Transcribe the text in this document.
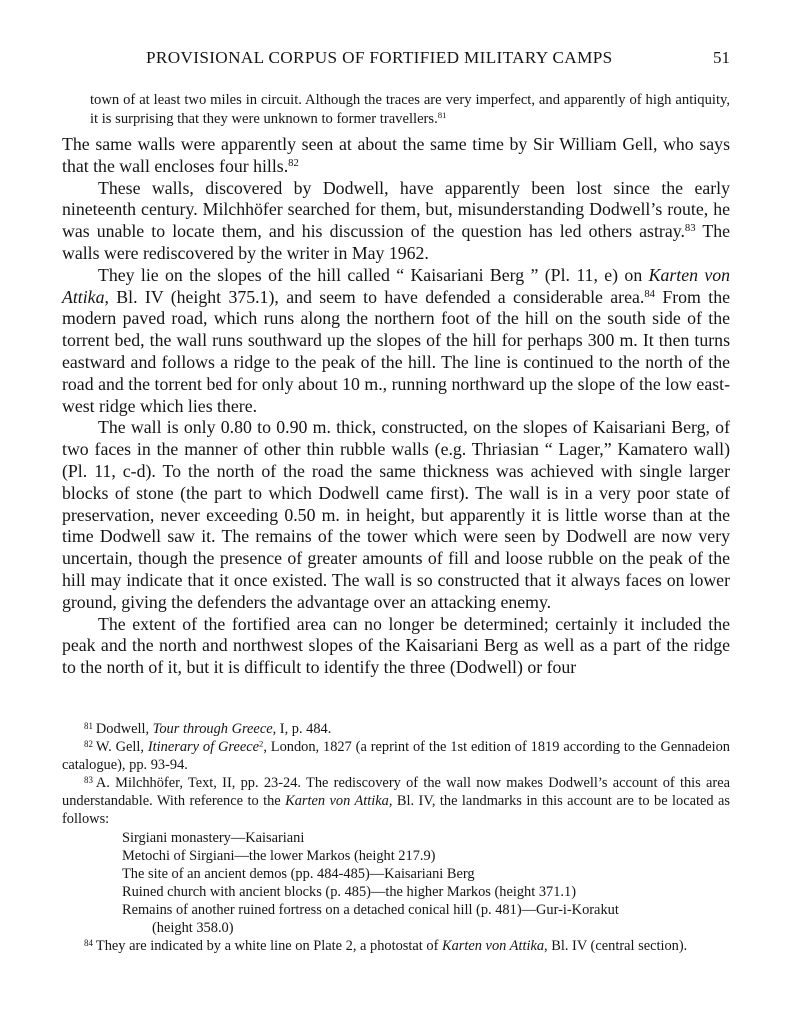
PROVISIONAL CORPUS OF FORTIFIED MILITARY CAMPS	51

town of at least two miles in circuit. Although the traces are very imperfect, and apparently of high antiquity, it is surprising that they were unknown to former travellers.$^{81}$

The same walls were apparently seen at about the same time by Sir William Gell, who says that the wall encloses four hills.$^{82}$

These walls, discovered by Dodwell, have apparently been lost since the early nineteenth century. Milchhöfer searched for them, but, misunderstanding Dodwell’s route, he was unable to locate them, and his discussion of the question has led others astray.$^{83}$ The walls were rediscovered by the writer in May 1962.

They lie on the slopes of the hill called “ Kaisariani Berg ” (Pl. 11, e) on Karten von Attika, Bl. IV (height 375.1), and seem to have defended a considerable area.$^{84}$ From the modern paved road, which runs along the northern foot of the hill on the south side of the torrent bed, the wall runs southward up the slopes of the hill for perhaps 300 m. It then turns eastward and follows a ridge to the peak of the hill. The line is continued to the north of the road and the torrent bed for only about 10 m., running northward up the slope of the low east-west ridge which lies there.

The wall is only 0.80 to 0.90 m. thick, constructed, on the slopes of Kaisariani Berg, of two faces in the manner of other thin rubble walls (e.g. Thriasian “ Lager,” Kamatero wall) (Pl. 11, c-d). To the north of the road the same thickness was achieved with single larger blocks of stone (the part to which Dodwell came first). The wall is in a very poor state of preservation, never exceeding 0.50 m. in height, but apparently it is little worse than at the time Dodwell saw it. The remains of the tower which were seen by Dodwell are now very uncertain, though the presence of greater amounts of fill and loose rubble on the peak of the hill may indicate that it once existed. The wall is so constructed that it always faces on lower ground, giving the defenders the advantage over an attacking enemy.

The extent of the fortified area can no longer be determined; certainly it included the peak and the north and northwest slopes of the Kaisariani Berg as well as a part of the ridge to the north of it, but it is difficult to identify the three (Dodwell) or four

$^{81}$ Dodwell, Tour through Greece, I, p. 484.

$^{82}$ W. Gell, Itinerary of Greece$^2$, London, 1827 (a reprint of the 1st edition of 1819 according to the Gennadeion catalogue), pp. 93-94.

$^{83}$ A. Milchhöfer, Text, II, pp. 23-24. The rediscovery of the wall now makes Dodwell’s account of this area understandable. With reference to the Karten von Attika, Bl. IV, the landmarks in this account are to be located as follows:

Sirgiani monastery—Kaisariani

Metochi of Sirgiani—the lower Markos (height 217.9)

The site of an ancient demos (pp. 484-485)—Kaisariani Berg

Ruined church with ancient blocks (p. 485)—the higher Markos (height 371.1)

Remains of another ruined fortress on a detached conical hill (p. 481)—Gur-i-Korakut

(height 358.0)

$^{84}$ They are indicated by a white line on Plate 2, a photostat of Karten von Attika, Bl. IV (central section).
